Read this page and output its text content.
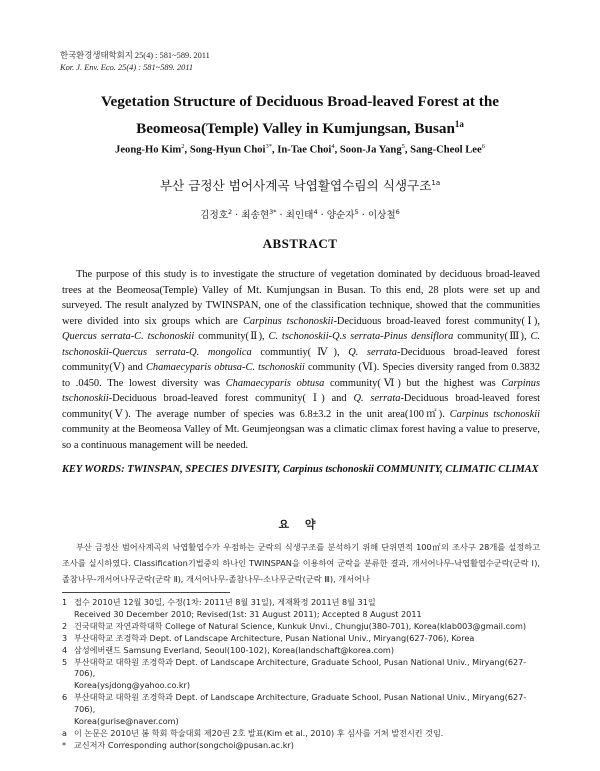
한국환경생태학회지 25(4) : 581~589. 2011
Kor. J. Env. Eco. 25(4) : 581~589. 2011
Vegetation Structure of Deciduous Broad-leaved Forest at the
Beomeosa(Temple) Valley in Kumjungsan, Busan$^{1a}$
Jeong-Ho Kim$^2$, Song-Hyun Choi$^{3*}$, In-Tae Choi$^4$, Soon-Ja Yang$^5$, Sang-Cheol Lee$^6$
부산 금정산 범어사계곡 낙엽활엽수림의 식생구조$^{1a}$
김정호$^2$ · 최송현$^{3*}$ · 최인태$^4$ · 양순자$^5$ · 이상철$^6$
ABSTRACT

The purpose of this study is to investigate the structure of vegetation dominated by deciduous broad-leaved trees at the Beomeosa(Temple) Valley of Mt. Kumjungsan in Busan. To this end, 28 plots were set up and surveyed. The result analyzed by TWINSPAN, one of the classification technique, showed that the communities were divided into six groups which are Carpinus tschonoskii-Deciduous broad-leaved forest community(Ⅰ), Quercus serrata-C. tschonoskii community(Ⅱ), C. tschonoskii-Q.s serrata-Pinus densiflora community(Ⅲ), C. tschonoskii-Quercus serrata-Q. mongolica communtiy(Ⅳ), Q. serrata-Deciduous broad-leaved forest community(Ⅴ) and Chamaecyparis obtusa-C. tschonoskii community (Ⅵ). Species diversity ranged from 0.3832 to .0450. The lowest diversity was Chamaecyparis obtusa community(Ⅵ) but the highest was Carpinus tschonoskii-Deciduous broad-leaved forest community( Ⅰ) and Q. serrata-Deciduous broad-leaved forest community(Ⅴ). The average number of species was 6.8±3.2 in the unit area(100㎡). Carpinus tschonoskii community at the Beomeosa Valley of Mt. Geumjeongsan was a climatic climax forest having a value to preserve, so a continuous management will be needed.

KEY WORDS: TWINSPAN, SPECIES DIVESITY, Carpinus tschonoskii COMMUNITY, CLIMATIC CLIMAX
요 약

부산 금정산 범어사계곡의 낙엽활엽수가 우점하는 군락의 식생구조를 분석하기 위해 단위면적 100㎡의 조사구 28개를 설정하고 조사를 실시하였다. Classification기법중의 하나인 TWINSPAN을 이용하여 군락을 분류한 결과, 개서어나무-낙엽활엽수군락(군락 Ⅰ), 졸참나무-개서어나무군락(군락 Ⅱ), 개서어나무-졸참나무-소나무군락(군락 Ⅲ), 개서어나

1 접수 2010년 12월 30일, 수정(1차: 2011년 8월 31일), 게재확정 2011년 8월 31일
Received 30 December 2010; Revised(1st: 31 August 2011); Accepted 8 August 2011
2 건국대학교 자연과학대학 College of Natural Science, Kunkuk Unvi., Chungju(380-701), Korea(klab003@gmail.com)
3 부산대학교 조경학과 Dept. of Landscape Architecture, Pusan National Univ., Miryang(627-706), Korea
4 삼성에버랜드 Samsung Everland, Seoul(100-102), Korea(landschaft@korea.com)
5 부산대학교 대학원 조경학과 Dept. of Landscape Architecture, Graduate School, Pusan National Univ., Miryang(627-706),
Korea(ysjdong@yahoo.co.kr)
6 부산대학교 대학원 조경학과 Dept. of Landscape Architecture, Graduate School, Pusan National Univ., Miryang(627-706),
Korea(gurise@naver.com)
a 이 논문은 2010년 봄 학회 학술대회 제20권 2호 발표(Kim et al., 2010) 후 심사를 거쳐 발전시킨 것임.
* 교신저자 Corresponding author(songchoi@pusan.ac.kr)
